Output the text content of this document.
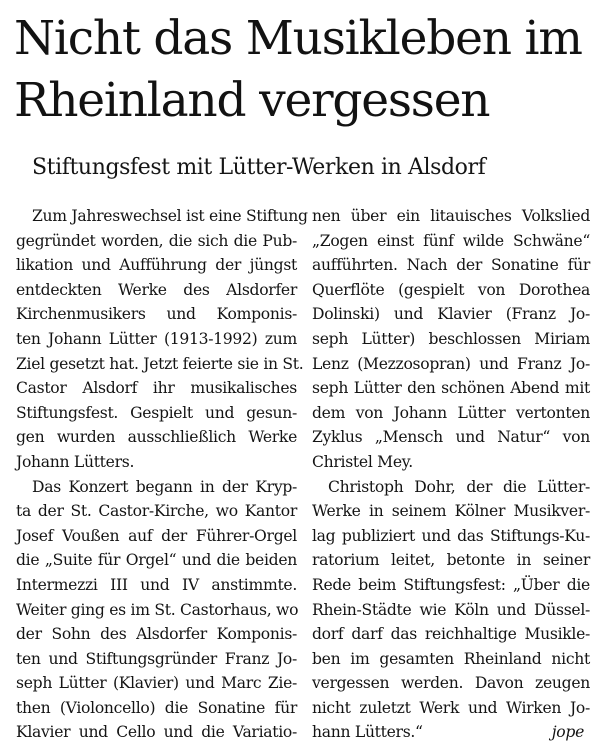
Nicht das Musikleben im
Rheinland vergessen
Stiftungsfest mit Lütter-Werken in Alsdorf
Zum Jahreswechsel ist eine Stiftung
gegründet worden, die sich die Pub-
likation und Aufführung der jüngst
entdeckten Werke des Alsdorfer
Kirchenmusikers und Komponis-
ten Johann Lütter (1913-1992) zum
Ziel gesetzt hat. Jetzt feierte sie in St.
Castor Alsdorf ihr musikalisches
Stiftungsfest. Gespielt und gesun-
gen wurden ausschließlich Werke
Johann Lütters.
Das Konzert begann in der Kryp-
ta der St. Castor-Kirche, wo Kantor
Josef Voußen auf der Führer-Orgel
die „Suite für Orgel“ und die beiden
Intermezzi III und IV anstimmte.
Weiter ging es im St. Castorhaus, wo
der Sohn des Alsdorfer Komponis-
ten und Stiftungsgründer Franz Jo-
seph Lütter (Klavier) und Marc Zie-
then (Violoncello) die Sonatine für
Klavier und Cello und die Variatio-
nen über ein litauisches Volkslied
„Zogen einst fünf wilde Schwäne“
aufführten. Nach der Sonatine für
Querflöte (gespielt von Dorothea
Dolinski) und Klavier (Franz Jo-
seph Lütter) beschlossen Miriam
Lenz (Mezzosopran) und Franz Jo-
seph Lütter den schönen Abend mit
dem von Johann Lütter vertonten
Zyklus „Mensch und Natur“ von
Christel Mey.
Christoph Dohr, der die Lütter-
Werke in seinem Kölner Musikver-
lag publiziert und das Stiftungs-Ku-
ratorium leitet, betonte in seiner
Rede beim Stiftungsfest: „Über die
Rhein-Städte wie Köln und Düssel-
dorf darf das reichhaltige Musikle-
ben im gesamten Rheinland nicht
vergessen werden. Davon zeugen
nicht zuletzt Werk und Wirken Jo-
hann Lütters.“	jope
